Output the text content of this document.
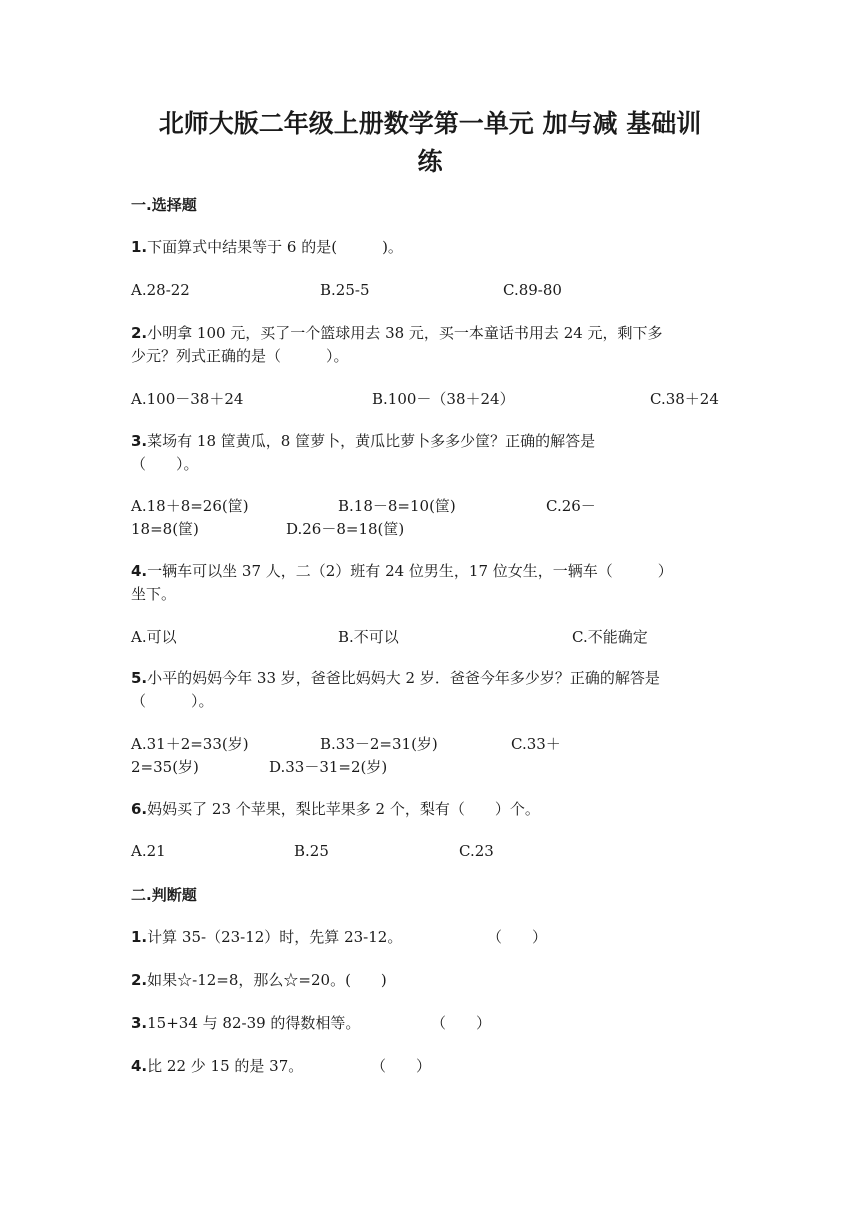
北师大版二年级上册数学第一单元 加与减 基础训
练
一.选择题
1.下面算式中结果等于 6 的是(　　　)。
A.28-22	B.25-5	C.89-80
2.小明拿 100 元，买了一个篮球用去 38 元，买一本童话书用去 24 元，剩下多
少元？列式正确的是（　　　）。
A.100－38＋24	B.100－（38＋24）	C.38＋24
3.菜场有 18 筐黄瓜，8 筐萝卜，黄瓜比萝卜多多少筐？正确的解答是
（　　）。
A.18＋8=26(筐)	B.18－8=10(筐)	C.26－
18=8(筐)	D.26－8=18(筐)
4.一辆车可以坐 37 人，二（2）班有 24 位男生，17 位女生，一辆车（　　　）
坐下。
A.可以	B.不可以	C.不能确定
5.小平的妈妈今年 33 岁，爸爸比妈妈大 2 岁．爸爸今年多少岁？正确的解答是
（　　　）。
A.31＋2=33(岁)	B.33－2=31(岁)	C.33＋
2=35(岁)	D.33－31=2(岁)
6.妈妈买了 23 个苹果，梨比苹果多 2 个，梨有（　　）个。
A.21	B.25	C.23
二.判断题
1.计算 35-（23-12）时，先算 23-12。	（　　）
2.如果☆-12=8，那么☆=20。(　　)
3.15+34 与 82-39 的得数相等。	（　　）
4.比 22 少 15 的是 37。	（　　）
